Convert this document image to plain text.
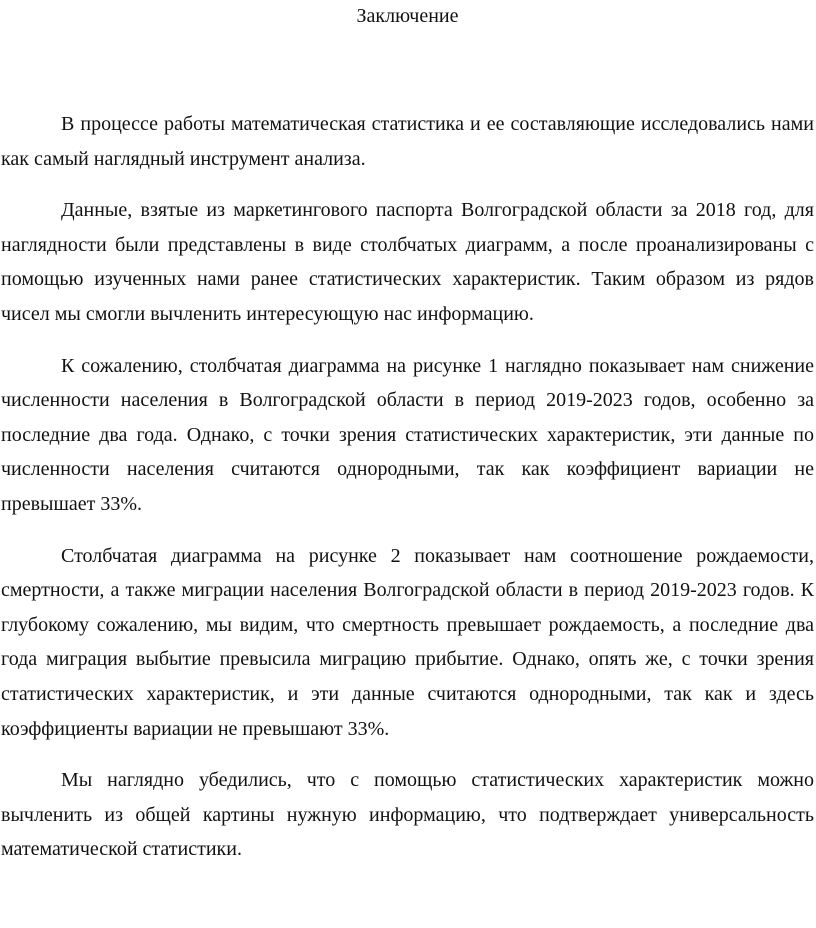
Заключение

В процессе работы математическая статистика и ее составляющие исследовались нами как самый наглядный инструмент анализа.

Данные, взятые из маркетингового паспорта Волгоградской области за 2018 год, для наглядности были представлены в виде столбчатых диаграмм, а после проанализированы с помощью изученных нами ранее статистических характеристик. Таким образом из рядов чисел мы смогли вычленить интересующую нас информацию.

К сожалению, столбчатая диаграмма на рисунке 1 наглядно показывает нам снижение численности населения в Волгоградской области в период 2019-2023 годов, особенно за последние два года. Однако, с точки зрения статистических характеристик, эти данные по численности населения считаются однородными, так как коэффициент вариации не превышает 33%.

Столбчатая диаграмма на рисунке 2 показывает нам соотношение рождаемости, смертности, а также миграции населения Волгоградской области в период 2019-2023 годов. К глубокому сожалению, мы видим, что смертность превышает рождаемость, а последние два года миграция выбытие превысила миграцию прибытие. Однако, опять же, с точки зрения статистических характеристик, и эти данные считаются однородными, так как и здесь коэффициенты вариации не превышают 33%.

Мы наглядно убедились, что с помощью статистических характеристик можно вычленить из общей картины нужную информацию, что подтверждает универсальность математической статистики.
